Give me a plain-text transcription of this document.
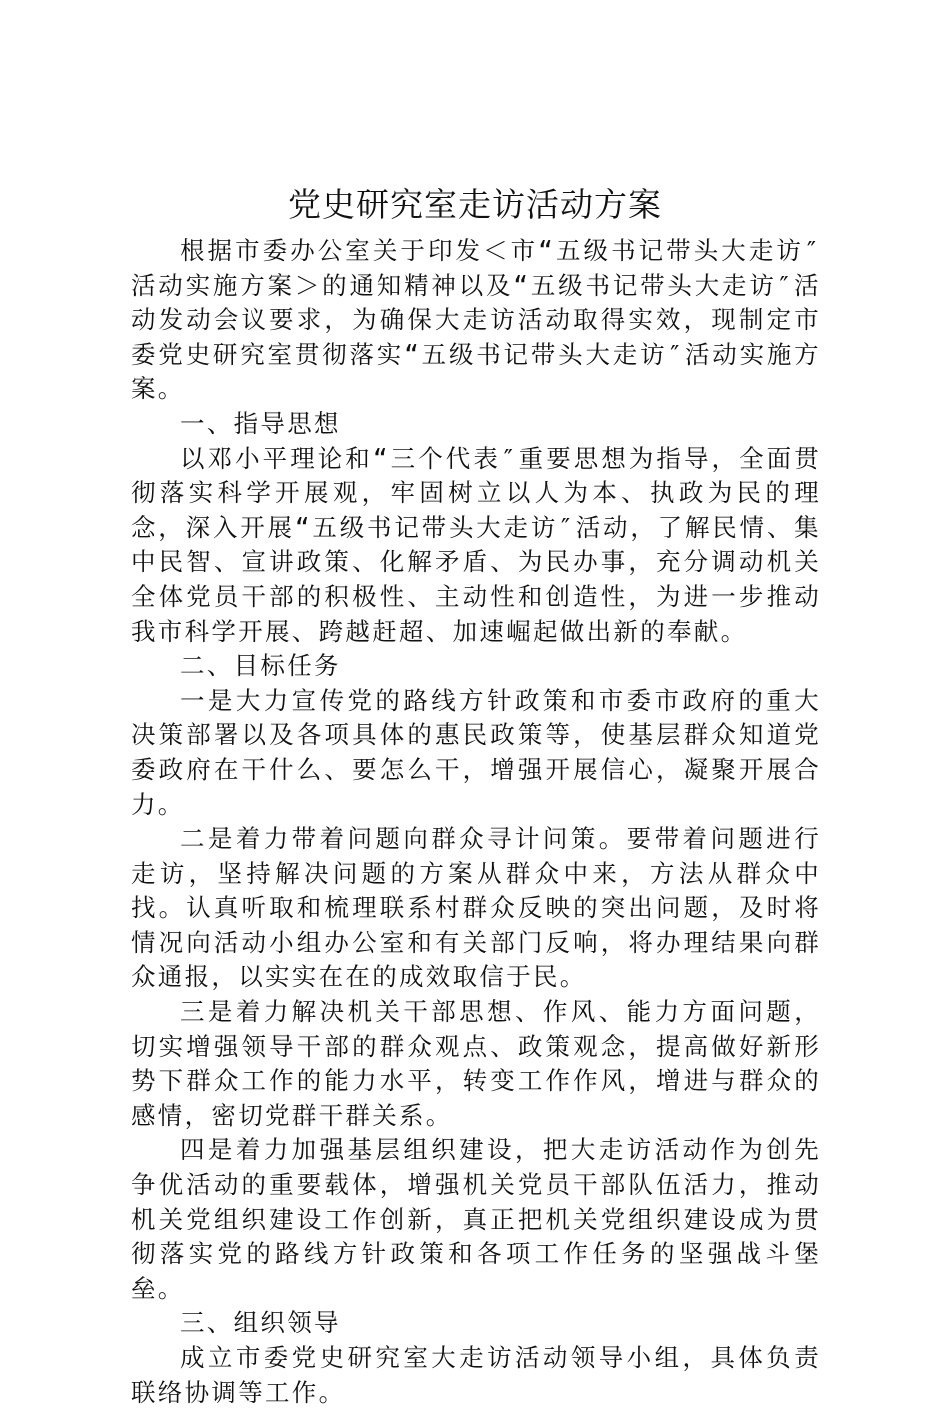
党史研究室走访活动方案

根据市委办公室关于印发＜市“五级书记带头大走访″活动实施方案＞的通知精神以及“五级书记带头大走访″活动发动会议要求，为确保大走访活动取得实效，现制定市委党史研究室贯彻落实“五级书记带头大走访″活动实施方案。

一、指导思想

以邓小平理论和“三个代表″重要思想为指导，全面贯彻落实科学开展观，牢固树立以人为本、执政为民的理念，深入开展“五级书记带头大走访″活动，了解民情、集中民智、宣讲政策、化解矛盾、为民办事，充分调动机关全体党员干部的积极性、主动性和创造性，为进一步推动我市科学开展、跨越赶超、加速崛起做出新的奉献。

二、目标任务

一是大力宣传党的路线方针政策和市委市政府的重大决策部署以及各项具体的惠民政策等，使基层群众知道党委政府在干什么、要怎么干，增强开展信心，凝聚开展合力。

二是着力带着问题向群众寻计问策。要带着问题进行走访，坚持解决问题的方案从群众中来，方法从群众中找。认真听取和梳理联系村群众反映的突出问题，及时将情况向活动小组办公室和有关部门反响，将办理结果向群众通报，以实实在在的成效取信于民。

三是着力解决机关干部思想、作风、能力方面问题，切实增强领导干部的群众观点、政策观念，提高做好新形势下群众工作的能力水平，转变工作作风，增进与群众的感情，密切党群干群关系。

四是着力加强基层组织建设，把大走访活动作为创先争优活动的重要载体，增强机关党员干部队伍活力，推动机关党组织建设工作创新，真正把机关党组织建设成为贯彻落实党的路线方针政策和各项工作任务的坚强战斗堡垒。

三、组织领导

成立市委党史研究室大走访活动领导小组，具体负责联络协调等工作。
